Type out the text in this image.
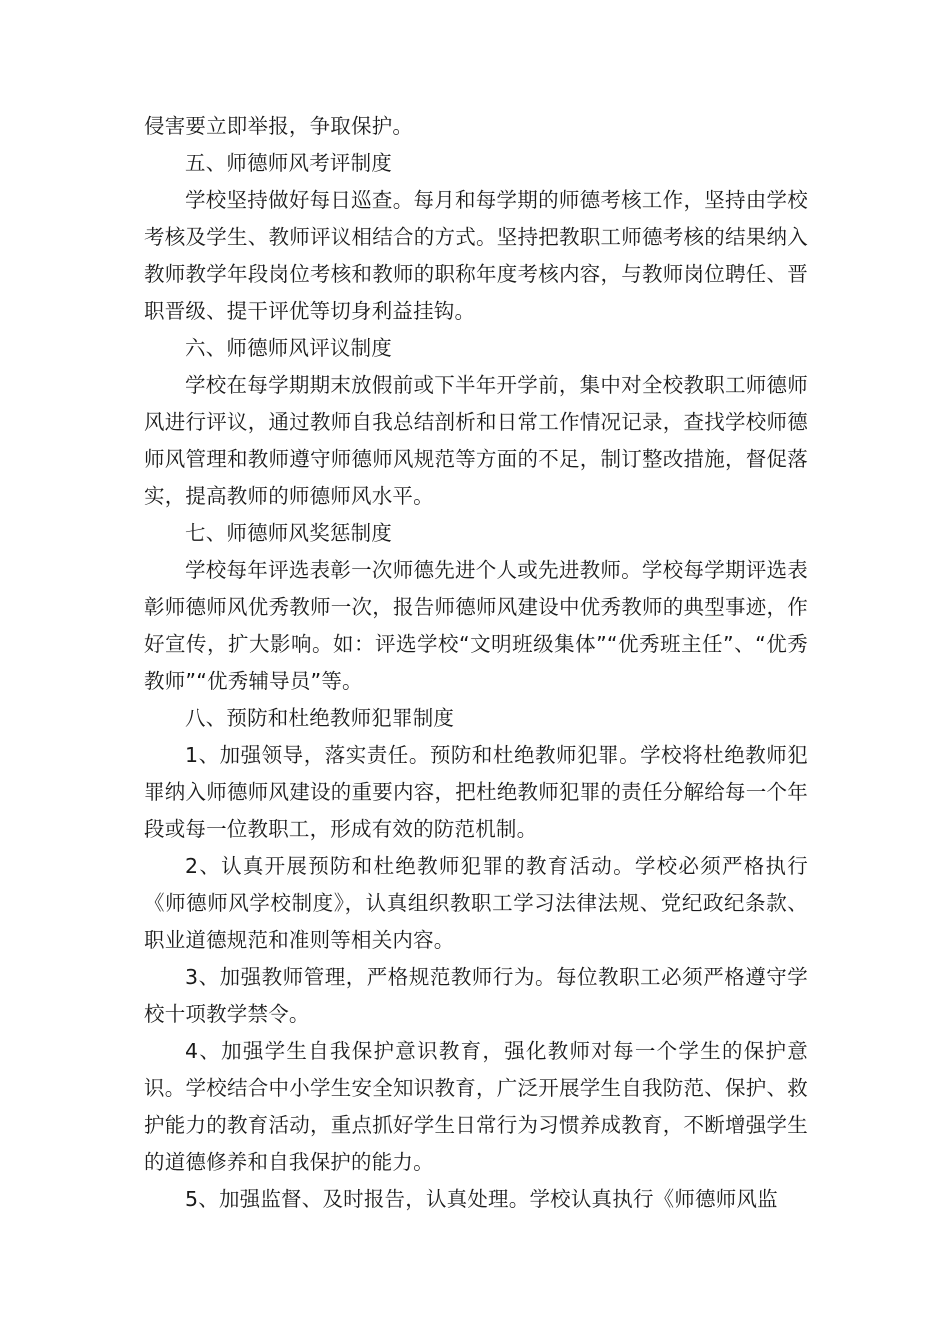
侵害要立即举报，争取保护。

五、师德师风考评制度

学校坚持做好每日巡查。每月和每学期的师德考核工作，坚持由学校考核及学生、教师评议相结合的方式。坚持把教职工师德考核的结果纳入教师教学年段岗位考核和教师的职称年度考核内容，与教师岗位聘任、晋职晋级、提干评优等切身利益挂钩。

六、师德师风评议制度

学校在每学期期末放假前或下半年开学前，集中对全校教职工师德师风进行评议，通过教师自我总结剖析和日常工作情况记录，查找学校师德师风管理和教师遵守师德师风规范等方面的不足，制订整改措施，督促落实，提高教师的师德师风水平。

七、师德师风奖惩制度

学校每年评选表彰一次师德先进个人或先进教师。学校每学期评选表彰师德师风优秀教师一次，报告师德师风建设中优秀教师的典型事迹，作好宣传，扩大影响。如：评选学校“文明班级集体”“优秀班主任”、“优秀教师”“优秀辅导员”等。

八、预防和杜绝教师犯罪制度

1、加强领导，落实责任。预防和杜绝教师犯罪。学校将杜绝教师犯罪纳入师德师风建设的重要内容，把杜绝教师犯罪的责任分解给每一个年段或每一位教职工，形成有效的防范机制。

2、认真开展预防和杜绝教师犯罪的教育活动。学校必须严格执行《师德师风学校制度》，认真组织教职工学习法律法规、党纪政纪条款、职业道德规范和准则等相关内容。

3、加强教师管理，严格规范教师行为。每位教职工必须严格遵守学校十项教学禁令。

4、加强学生自我保护意识教育，强化教师对每一个学生的保护意识。学校结合中小学生安全知识教育，广泛开展学生自我防范、保护、救护能力的教育活动，重点抓好学生日常行为习惯养成教育，不断增强学生的道德修养和自我保护的能力。

5、加强监督、及时报告，认真处理。学校认真执行《师德师风监
